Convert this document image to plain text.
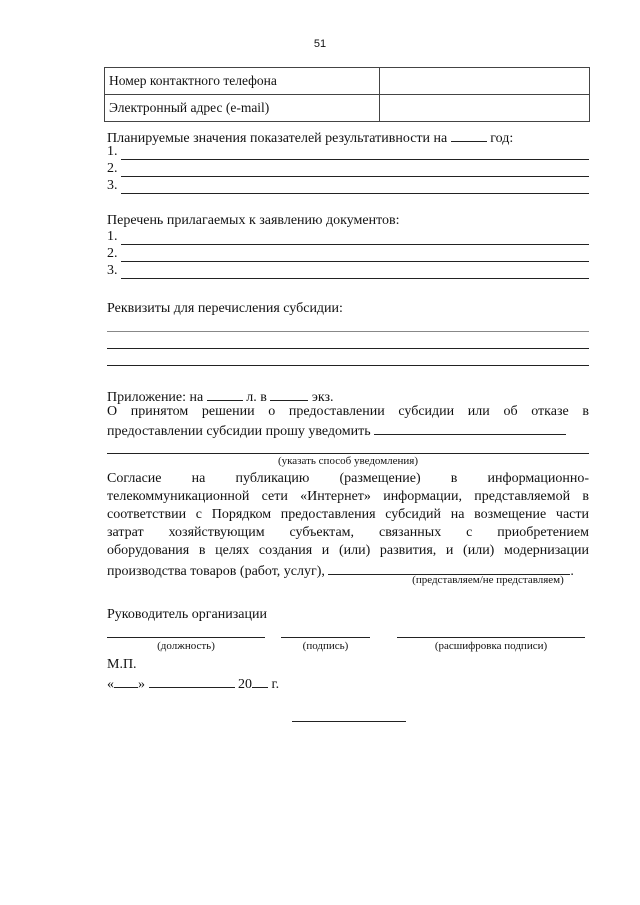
51
Номер контактного телефона	
Электронный адрес (e-mail)	
Планируемые значения показателей результативности на	год:
1.
2.
3.
Перечень прилагаемых к заявлению документов:
1.
2.
3.
Реквизиты для перечисления субсидии:
Приложение: на	л. в	экз.
О принятом решении о предоставлении субсидии или об отказе в
предоставлении субсидии прошу уведомить
(указать способ уведомления)
Согласие на публикацию (размещение) в информационно-
телекоммуникационной сети «Интернет» информации, представляемой в
соответствии с Порядком предоставления субсидий на возмещение части
затрат хозяйствующим субъектам, связанных с приобретением
оборудования в целях создания и (или) развития, и (или) модернизации
производства товаров (работ, услуг),	.
(представляем/не представляем)
Руководитель организации
(должность)	(подпись)	(расшифровка подписи)
М.П.
« »	20 г.
